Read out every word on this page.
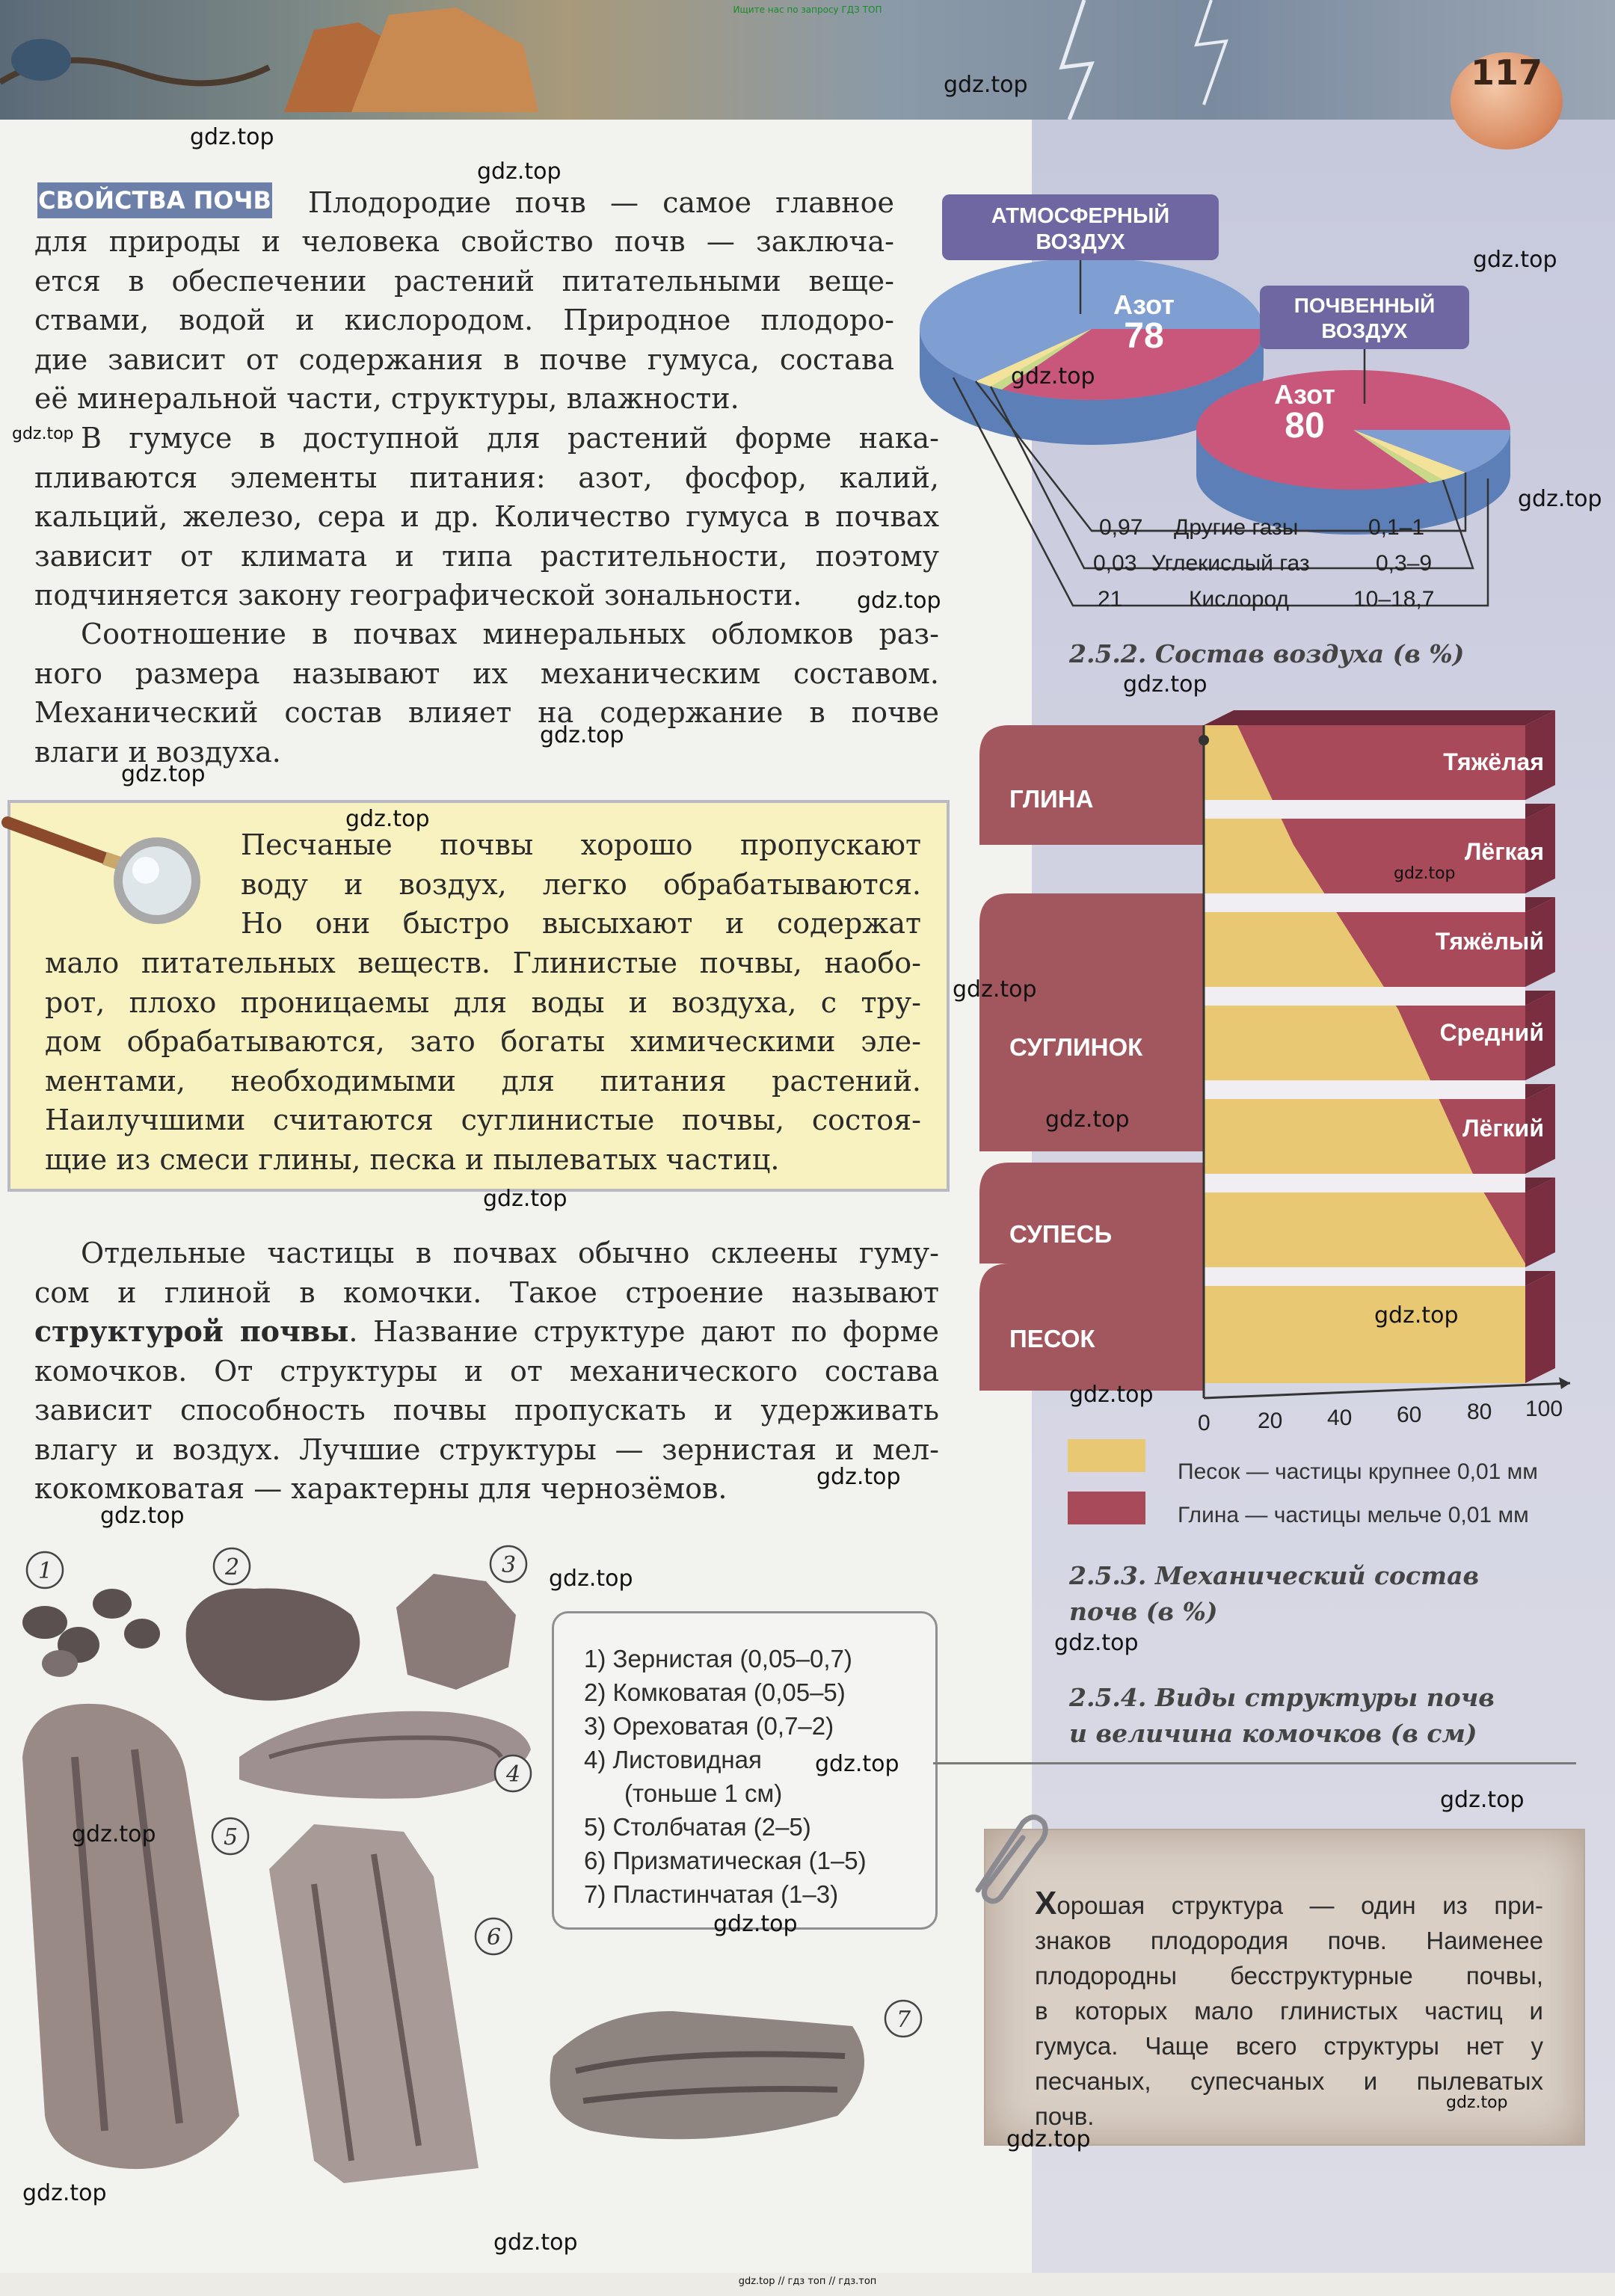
Ищите нас по запросу ГДЗ ТОП
117
СВОЙСТВА ПОЧВ Плодородие почв — самое главное
для природы и человека свойство почв — заключа-
ется в обеспечении растений питательными веще-
ствами, водой и кислородом. Природное плодоро-
дие зависит от содержания в почве гумуса, состава
её минеральной части, структуры, влажности.
В гумусе в доступной для растений форме нака-
пливаются элементы питания: азот, фосфор, калий,
кальций, железо, сера и др. Количество гумуса в почвах
зависит от климата и типа растительности, поэтому
подчиняется закону географической зональности.
Соотношение в почвах минеральных обломков раз-
ного размера называют их механическим составом.
Механический состав влияет на содержание в почве
влаги и воздуха.
Песчаные почвы хорошо пропускают
воду и воздух, легко обрабатываются.
Но они быстро высыхают и содержат
мало питательных веществ. Глинистые почвы, наобо-
рот, плохо проницаемы для воды и воздуха, с тру-
дом обрабатываются, зато богаты химическими эле-
ментами, необходимыми для питания растений.
Наилучшими считаются суглинистые почвы, состоя-
щие из смеси глины, песка и пылеватых частиц.
Отдельные частицы в почвах обычно склеены гуму-
сом и глиной в комочки. Такое строение называют
структурой почвы. Название структуре дают по форме
комочков. От структуры и от механического состава
зависит способность почвы пропускать и удерживать
влагу и воздух. Лучшие структуры — зернистая и мел-
кокомковатая — характерны для чернозёмов.
АТМОСФЕРНЫЙ
ВОЗДУХ
ПОЧВЕННЫЙ
ВОЗДУХ
Азот
78
Азот
80
0,97 Другие газы	0,1–1
0,03 Углекислый газ	0,3–9
21	Кислород	10–18,7
2.5.2. Состав воздуха (в %)
ГЛИНА
СУГЛИНОК
СУПЕСЬ
ПЕСОК
Тяжёлая
Лёгкая
Тяжёлый
Средний
Лёгкий
0 20 40 60 80 100
Песок — частицы крупнее 0,01 мм
Глина — частицы мельче 0,01 мм
2.5.3. Механический состав
почв (в %)
2.5.4. Виды структуры почв
и величина комочков (в см)
1	2	3
4
5
6
7
1) Зернистая (0,05–0,7)
2) Комковатая (0,05–5)
3) Ореховатая (0,7–2)
4) Листовидная
(тоньше 1 см)
5) Столбчатая (2–5)
6) Призматическая (1–5)
7) Пластинчатая (1–3)	Хорошая структура — один из при-
знаков плодородия почв. Наименее
плодородны бесструктурные почвы,
в которых мало глинистых частиц и
гумуса. Чаще всего структуры нет у
песчаных, супесчаных и пылеватых
почв.
gdz.top
gdz.top
gdz.top
gdz.top
gdz.top
gdz.top
gdz.top
gdz.top
gdz.top
gdz.top
gdz.top
gdz.top
gdz.top
gdz.top
gdz.top
gdz.top
gdz.top
gdz.top
gdz.top
gdz.top
gdz.top
gdz.top
gdz.top
gdz.top
gdz.top
gdz.top
gdz.top
gdz.top
gdz.top
gdz.top
gdz.top // гдз топ // гдз.топ
